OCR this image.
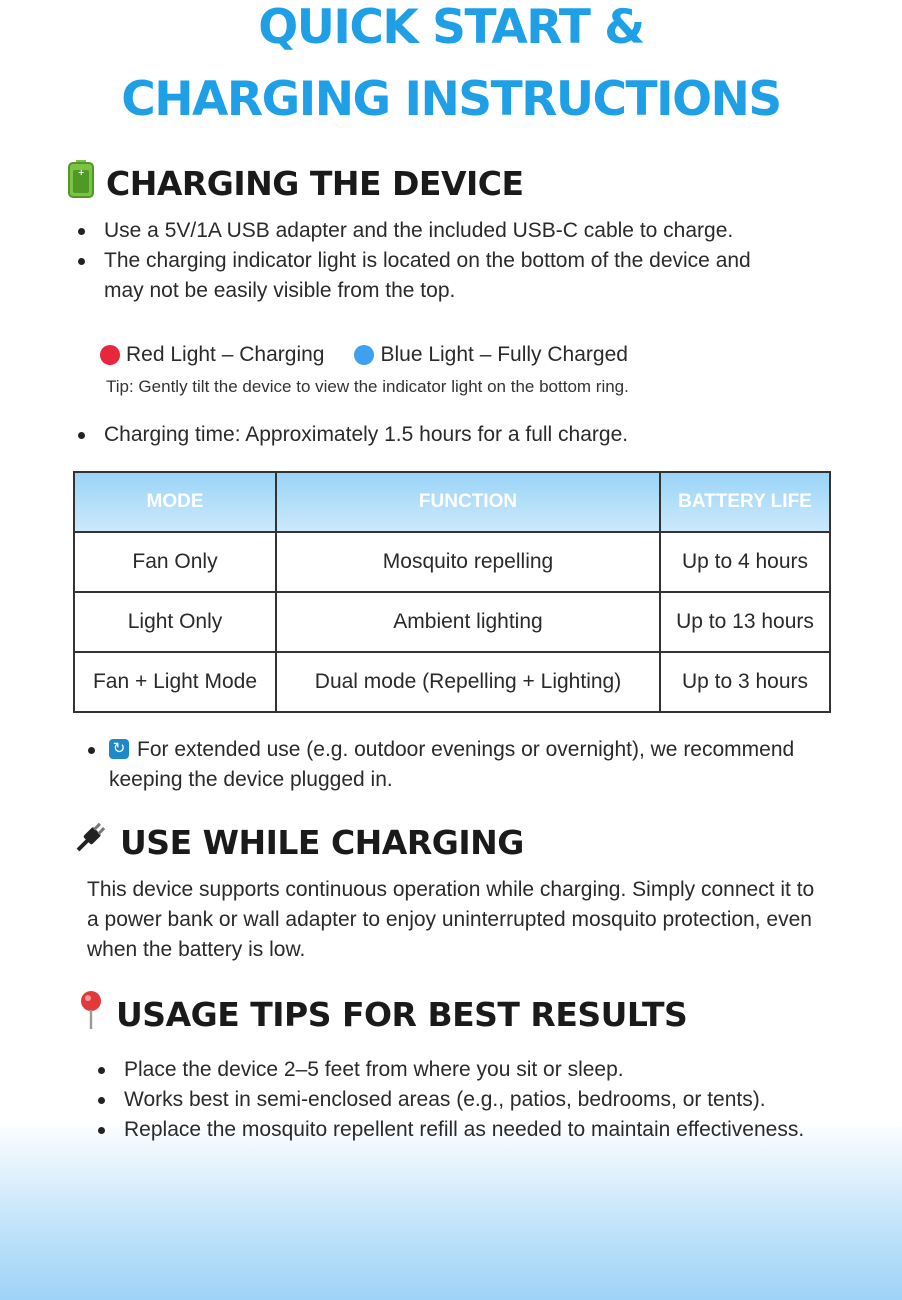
QUICK START &
CHARGING INSTRUCTIONS
+ CHARGING THE DEVICE
Use a 5V/1A USB adapter and the included USB-C cable to charge.
The charging indicator light is located on the bottom of the device and may not be easily visible from the top.
Red Light – Charging	Blue Light – Fully Charged
Tip: Gently tilt the device to view the indicator light on the bottom ring.
Charging time: Approximately 1.5 hours for a full charge.
MODE	FUNCTION	BATTERY LIFE
Fan Only	Mosquito repelling	Up to 4 hours
Light Only	Ambient lighting	Up to 13 hours
Fan + Light Mode	Dual mode (Repelling + Lighting)	Up to 3 hours
↻ For extended use (e.g. outdoor evenings or overnight), we recommend keeping the device plugged in.
USE WHILE CHARGING

This device supports continuous operation while charging. Simply connect it to a power bank or wall adapter to enjoy uninterrupted mosquito protection, even when the battery is low.

USAGE TIPS FOR BEST RESULTS
Place the device 2–5 feet from where you sit or sleep.
Works best in semi-enclosed areas (e.g., patios, bedrooms, or tents).
Replace the mosquito repellent refill as needed to maintain effectiveness.
